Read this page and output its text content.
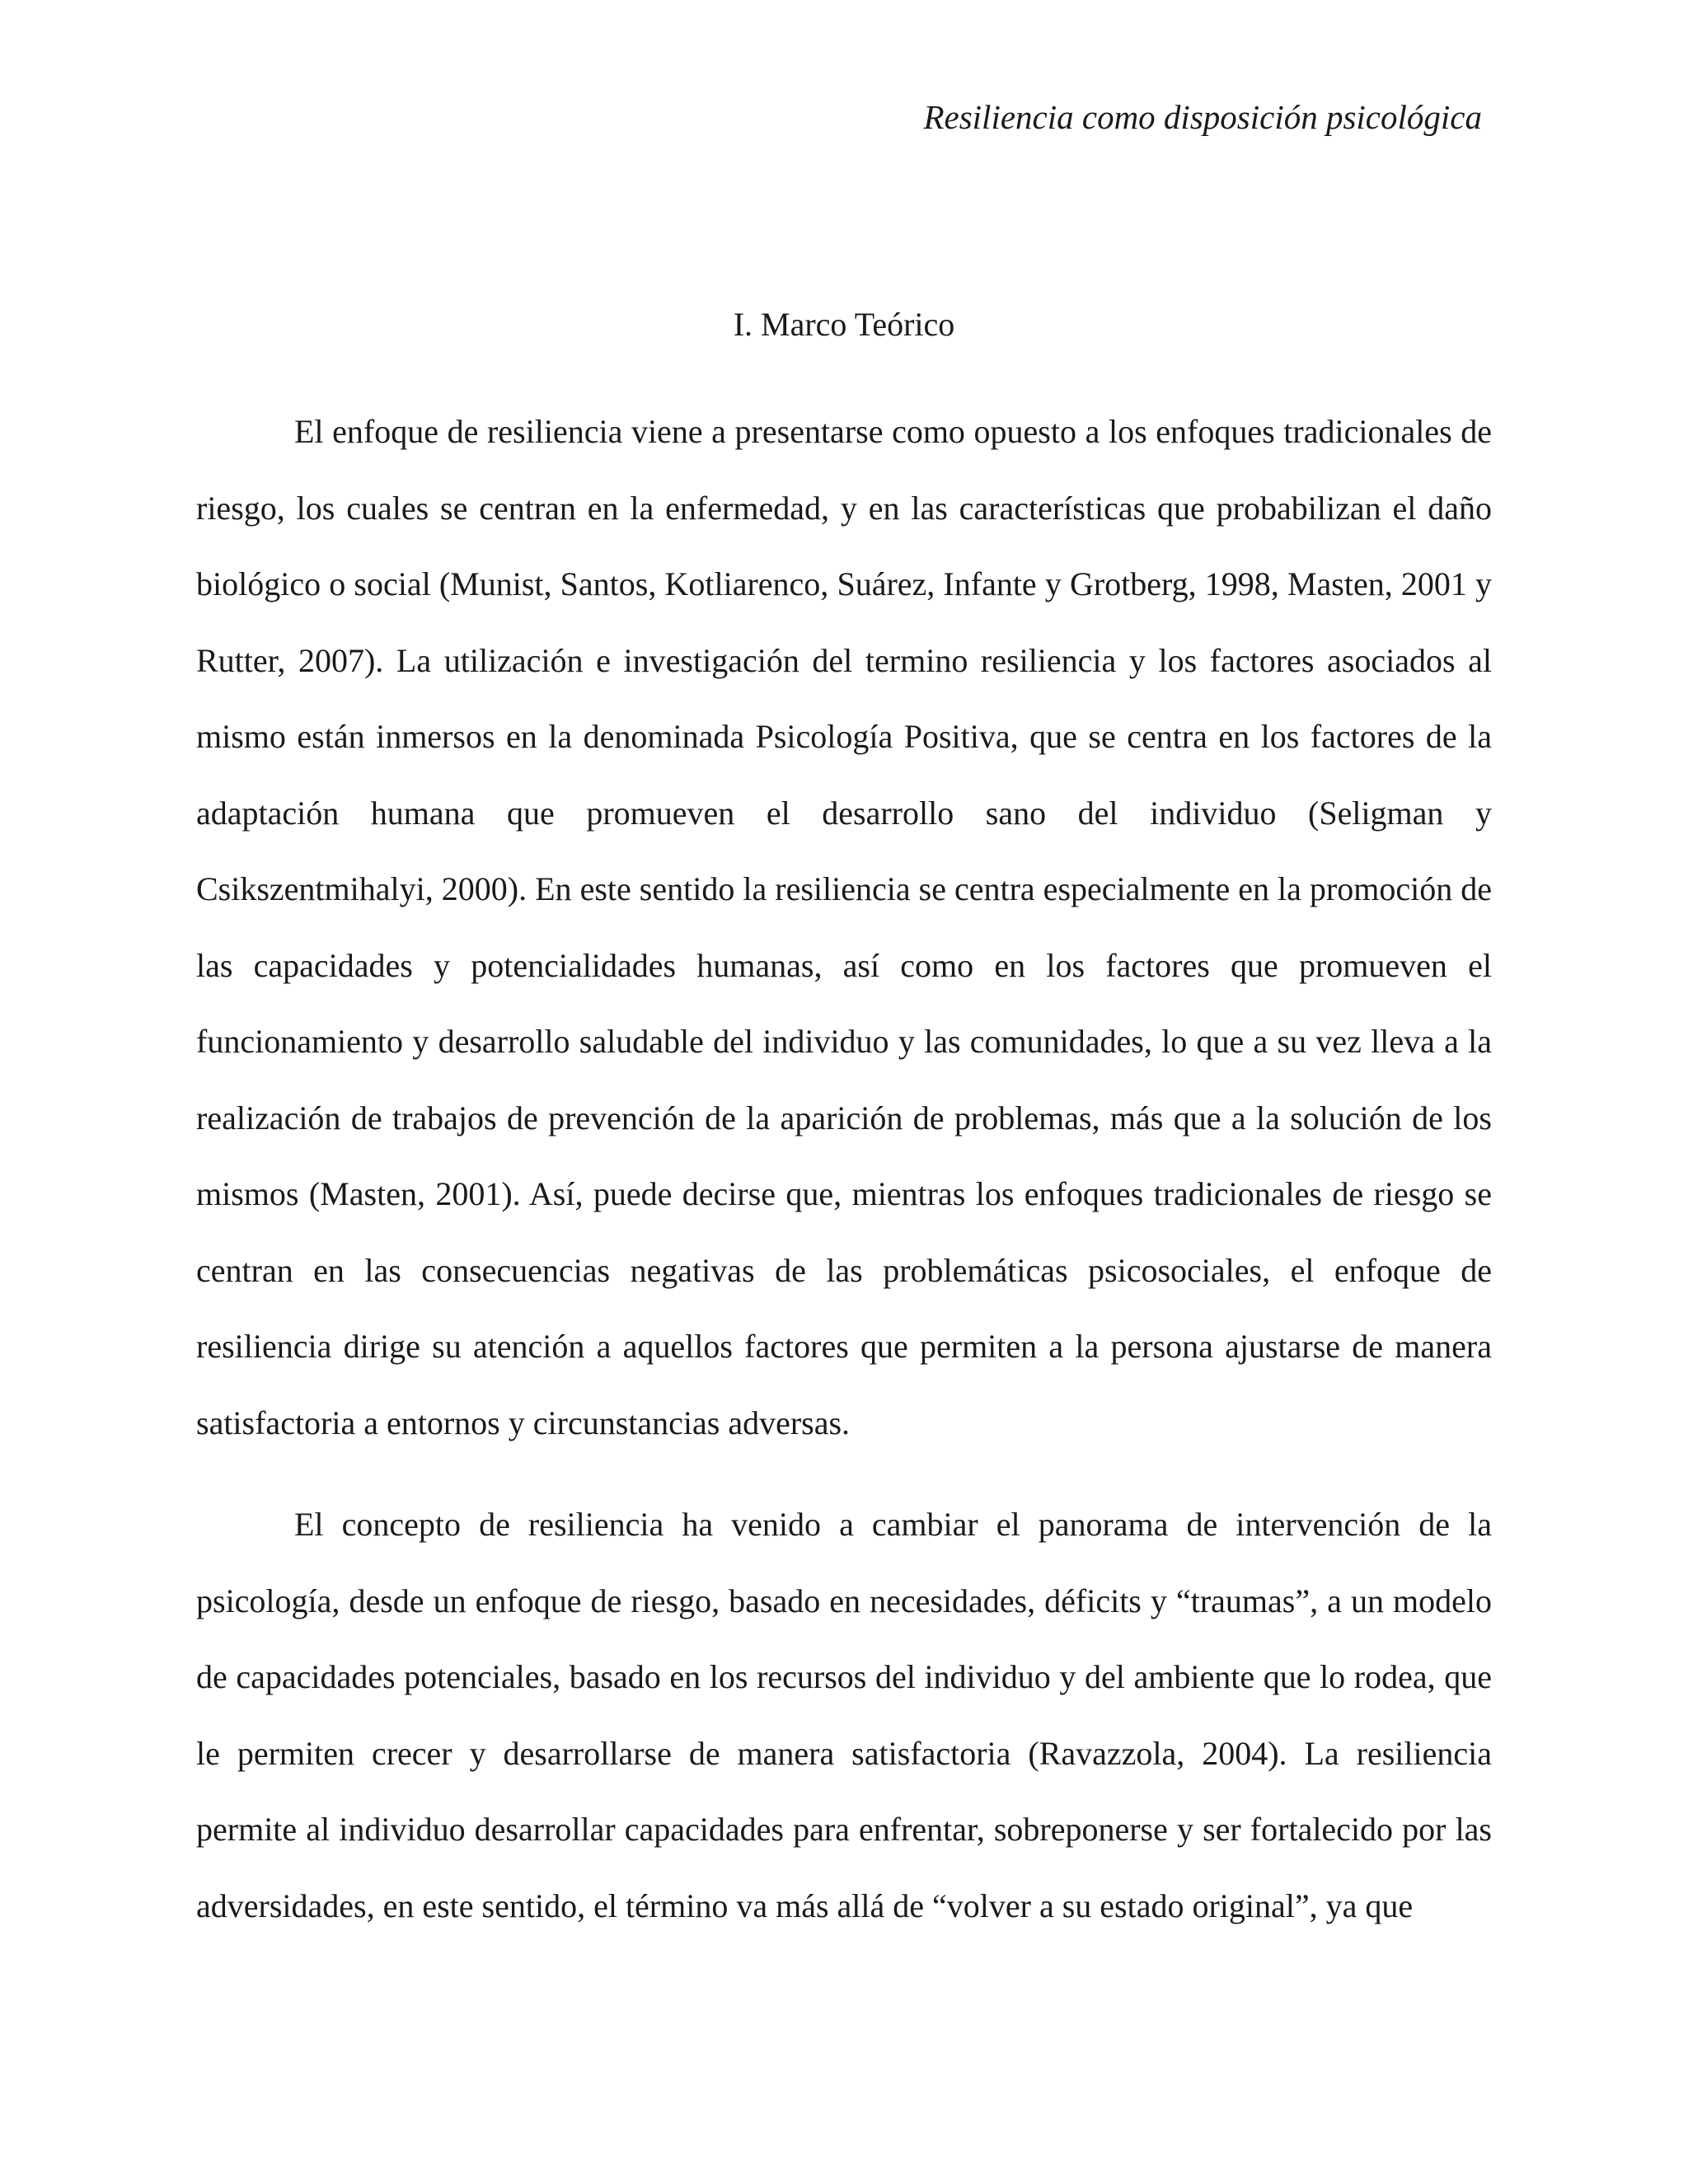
Resiliencia como disposición psicológica
I. Marco Teórico

El enfoque de resiliencia viene a presentarse como opuesto a los enfoques tradicionales de riesgo, los cuales se centran en la enfermedad, y en las características que probabilizan el daño biológico o social (Munist, Santos, Kotliarenco, Suárez, Infante y Grotberg, 1998, Masten, 2001 y Rutter, 2007). La utilización e investigación del termino resiliencia y los factores asociados al mismo están inmersos en la denominada Psicología Positiva, que se centra en los factores de la adaptación humana que promueven el desarrollo sano del individuo (Seligman y Csikszentmihalyi, 2000). En este sentido la resiliencia se centra especialmente en la promoción de las capacidades y potencialidades humanas, así como en los factores que promueven el funcionamiento y desarrollo saludable del individuo y las comunidades, lo que a su vez lleva a la realización de trabajos de prevención de la aparición de problemas, más que a la solución de los mismos (Masten, 2001). Así, puede decirse que, mientras los enfoques tradicionales de riesgo se centran en las consecuencias negativas de las problemáticas psicosociales, el enfoque de resiliencia dirige su atención a aquellos factores que permiten a la persona ajustarse de manera satisfactoria a entornos y circunstancias adversas.

El concepto de resiliencia ha venido a cambiar el panorama de intervención de la psicología, desde un enfoque de riesgo, basado en necesidades, déficits y “traumas”, a un modelo de capacidades potenciales, basado en los recursos del individuo y del ambiente que lo rodea, que le permiten crecer y desarrollarse de manera satisfactoria (Ravazzola, 2004). La resiliencia permite al individuo desarrollar capacidades para enfrentar, sobreponerse y ser fortalecido por las adversidades, en este sentido, el término va más allá de “volver a su estado original”, ya que
